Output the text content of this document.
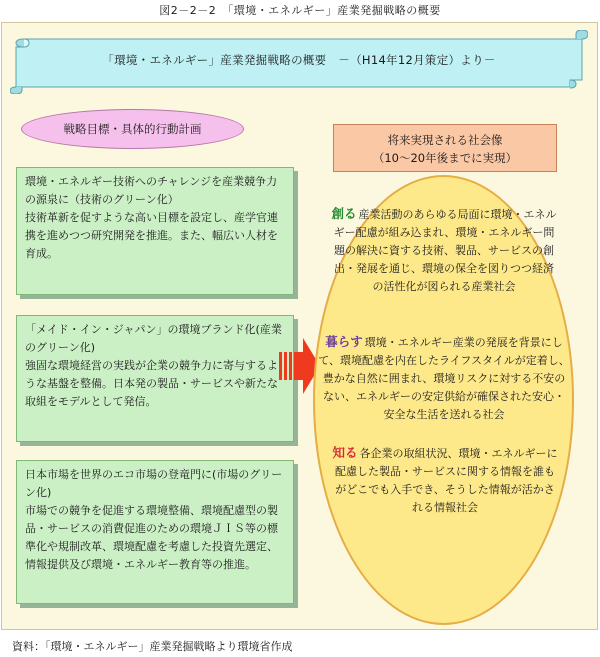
図2－2－2　「環境・エネルギー」産業発掘戦略の概要
「環境・エネルギー」産業発掘戦略の概要　－（H14年12月策定）より－
戦略目標・具体的行動計画
将来実現される社会像
（10～20年後までに実現）
環境・エネルギー技術へのチャレンジを産業競争力の源泉に（技術のグリーン化）
技術革新を促すような高い目標を設定し、産学官連携を進めつつ研究開発を推進。また、幅広い人材を育成。
「メイド・イン・ジャパン」の環境ブランド化(産業のグリーン化)
強固な環境経営の実践が企業の競争力に寄与するような基盤を整備。日本発の製品・サービスや新たな取組をモデルとして発信。
日本市場を世界のエコ市場の登竜門に(市場のグリーン化)
市場での競争を促進する環境整備、環境配慮型の製品・サービスの消費促進のための環境ＪＩＳ等の標準化や規制改革、環境配慮を考慮した投資先選定、情報提供及び環境・エネルギー教育等の推進。
創る 産業活動のあらゆる局面に環境・エネルギー配慮が組み込まれ、環境・エネルギー問題の解決に資する技術、製品、サービスの創出・発展を通じ、環境の保全を図りつつ経済の活性化が図られる産業社会
暮らす 環境・エネルギー産業の発展を背景にして、環境配慮を内在したライフスタイルが定着し、豊かな自然に囲まれ、環境リスクに対する不安のない、エネルギーの安定供給が確保された安心・安全な生活を送れる社会
知る 各企業の取組状況、環境・エネルギーに配慮した製品・サービスに関する情報を誰もがどこでも入手でき、そうした情報が活かされる情報社会
資料：「環境・エネルギー」産業発掘戦略より環境省作成
